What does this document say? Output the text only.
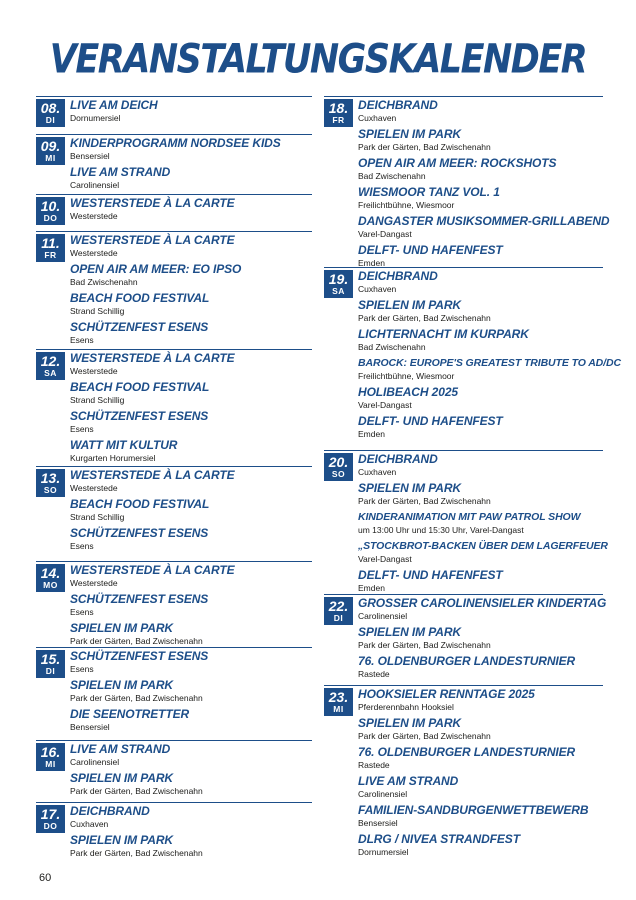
VERANSTALTUNGSKALENDER
08.
DI
LIVE AM DEICH
Dornumersiel
09.
MI
KINDERPROGRAMM NORDSEE KIDS
Bensersiel
LIVE AM STRAND
Carolinensiel
10.
DO
WESTERSTEDE À LA CARTE
Westerstede
11.
FR
WESTERSTEDE À LA CARTE
Westerstede
OPEN AIR AM MEER: EO IPSO
Bad Zwischenahn
BEACH FOOD FESTIVAL
Strand Schillig
SCHÜTZENFEST ESENS
Esens
12.
SA
WESTERSTEDE À LA CARTE
Westerstede
BEACH FOOD FESTIVAL
Strand Schillig
SCHÜTZENFEST ESENS
Esens
WATT MIT KULTUR
Kurgarten Horumersiel
13.
SO
WESTERSTEDE À LA CARTE
Westerstede
BEACH FOOD FESTIVAL
Strand Schillig
SCHÜTZENFEST ESENS
Esens
14.
MO
WESTERSTEDE À LA CARTE
Westerstede
SCHÜTZENFEST ESENS
Esens
SPIELEN IM PARK
Park der Gärten, Bad Zwischenahn
15.
DI
SCHÜTZENFEST ESENS
Esens
SPIELEN IM PARK
Park der Gärten, Bad Zwischenahn
DIE SEENOTRETTER
Bensersiel
16.
MI
LIVE AM STRAND
Carolinensiel
SPIELEN IM PARK
Park der Gärten, Bad Zwischenahn
17.
DO
DEICHBRAND
Cuxhaven
SPIELEN IM PARK
Park der Gärten, Bad Zwischenahn
18.
FR
DEICHBRAND
Cuxhaven
SPIELEN IM PARK
Park der Gärten, Bad Zwischenahn
OPEN AIR AM MEER: ROCKSHOTS
Bad Zwischenahn
WIESMOOR TANZ VOL. 1
Freilichtbühne, Wiesmoor
DANGASTER MUSIKSOMMER-GRILLABEND
Varel-Dangast
DELFT- UND HAFENFEST
Emden
19.
SA
DEICHBRAND
Cuxhaven
SPIELEN IM PARK
Park der Gärten, Bad Zwischenahn
LICHTERNACHT IM KURPARK
Bad Zwischenahn
BAROCK: EUROPE'S GREATEST TRIBUTE TO AD/DC
Freilichtbühne, Wiesmoor
HOLIBEACH 2025
Varel-Dangast
DELFT- UND HAFENFEST
Emden
20.
SO
DEICHBRAND
Cuxhaven
SPIELEN IM PARK
Park der Gärten, Bad Zwischenahn
KINDERANIMATION MIT PAW PATROL SHOW
um 13:00 Uhr und 15:30 Uhr, Varel-Dangast
„STOCKBROT-BACKEN ÜBER DEM LAGERFEUER
Varel-Dangast
DELFT- UND HAFENFEST
Emden
22.
DI
GROSSER CAROLINENSIELER KINDERTAG
Carolinensiel
SPIELEN IM PARK
Park der Gärten, Bad Zwischenahn
76. OLDENBURGER LANDESTURNIER
Rastede
23.
MI
HOOKSIELER RENNTAGE 2025
Pferderennbahn Hooksiel
SPIELEN IM PARK
Park der Gärten, Bad Zwischenahn
76. OLDENBURGER LANDESTURNIER
Rastede
LIVE AM STRAND
Carolinensiel
FAMILIEN-SANDBURGENWETTBEWERB
Bensersiel
DLRG / NIVEA STRANDFEST
Dornumersiel
60
